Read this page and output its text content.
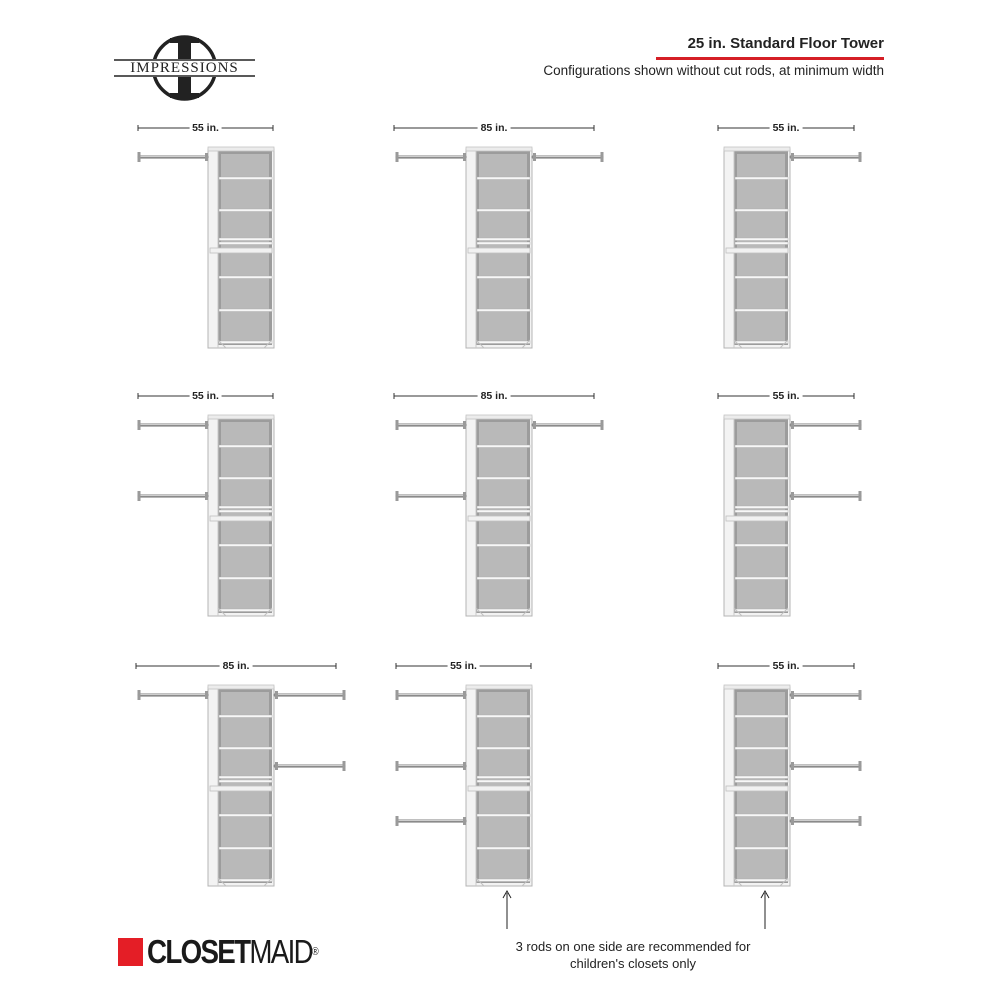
IMPRESSIONS
25 in. Standard Floor Tower
Configurations shown without cut rods, at minimum width
55 in.	85 in.	55 in.
55 in.	85 in.	55 in.
85 in.	55 in.	55 in.
CLOSETMAID®	3 rods on one side are recommended for children's closets only
